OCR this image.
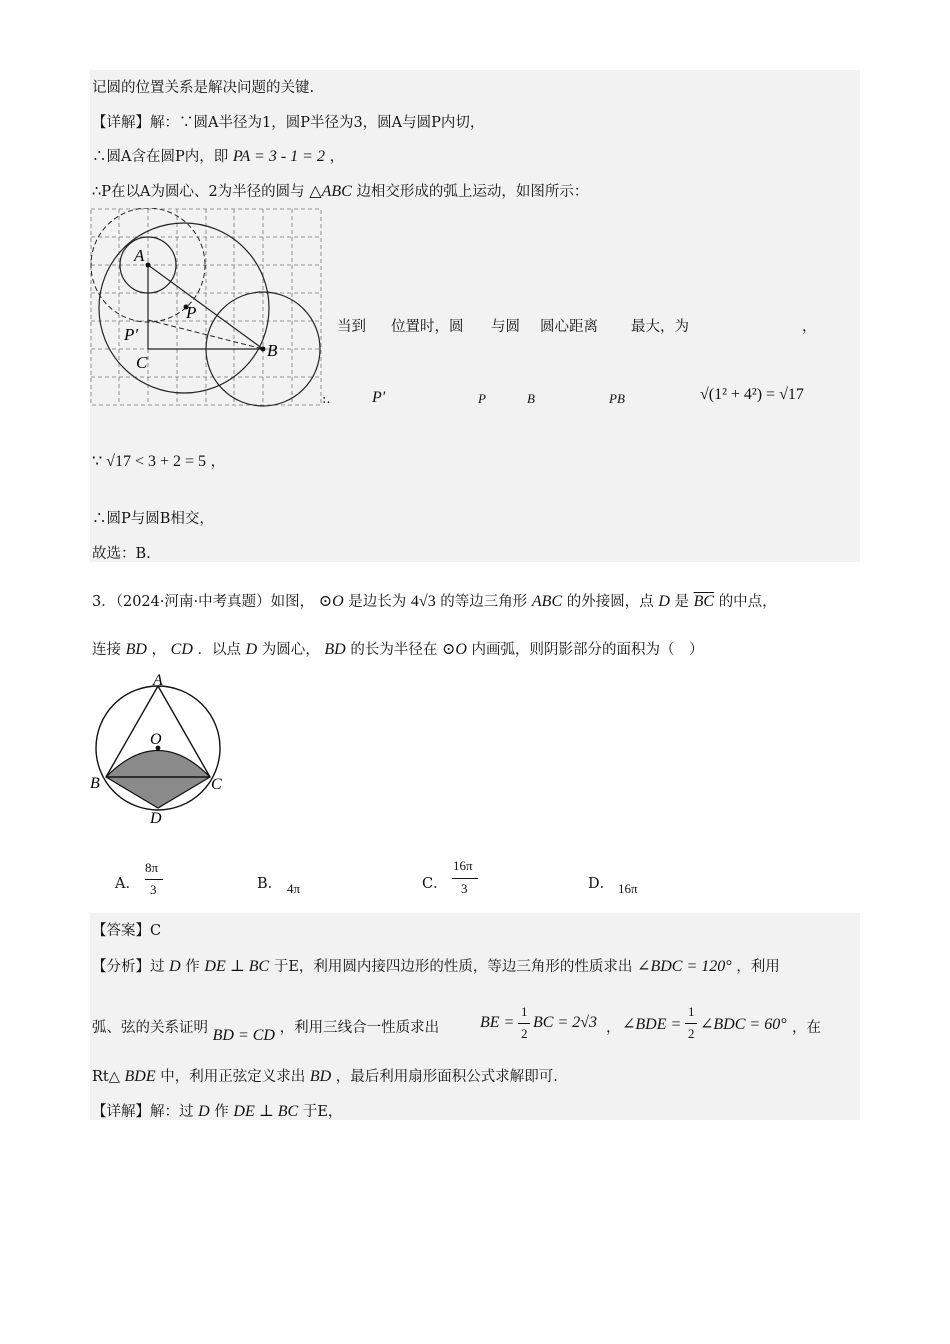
记圆的位置关系是解决问题的关键.
【详解】解：∵圆A半径为1，圆P半径为3，圆A与圆P内切，
∴圆A含在圆P内，即 PA = 3 - 1 = 2 ，
∴P在以A为圆心、2为半径的圆与 △ABC 边相交形成的弧上运动，如图所示：
A
P
P′
C
B
当到 位置时，圆 与圆 圆心距离 最大，为	，
:.	P′	P	B	PB	√(1² + 4²) = √17
∵ √17 < 3 + 2 = 5 ，
∴圆P与圆B相交，
故选：B.
3．（2024·河南·中考真题）如图， ⊙O 是边长为 4√3 的等边三角形 ABC 的外接圆，点 D 是 $\overline{BC}$ 的中点，
连接 BD ， CD ．以点 D 为圆心， BD 的长为半径在 ⊙O 内画弧，则阴影部分的面积为（　）
A
O
B	C
D
A．
8π
3	B． 4π	C．
16π
3	D． 16π
【答案】C
【分析】过 D 作 DE ⊥ BC 于E，利用圆内接四边形的性质，等边三角形的性质求出 ∠BDC = 120° ，利用
弧、弦的关系证明 BD = CD ，利用三线合一性质求出	BE =
1
2
BC = 2√3 ， ∠BDE =
1
2
∠BDC = 60° ，在
Rt△ BDE 中，利用正弦定义求出 BD ，最后利用扇形面积公式求解即可.
【详解】解：过 D 作 DE ⊥ BC 于E，
